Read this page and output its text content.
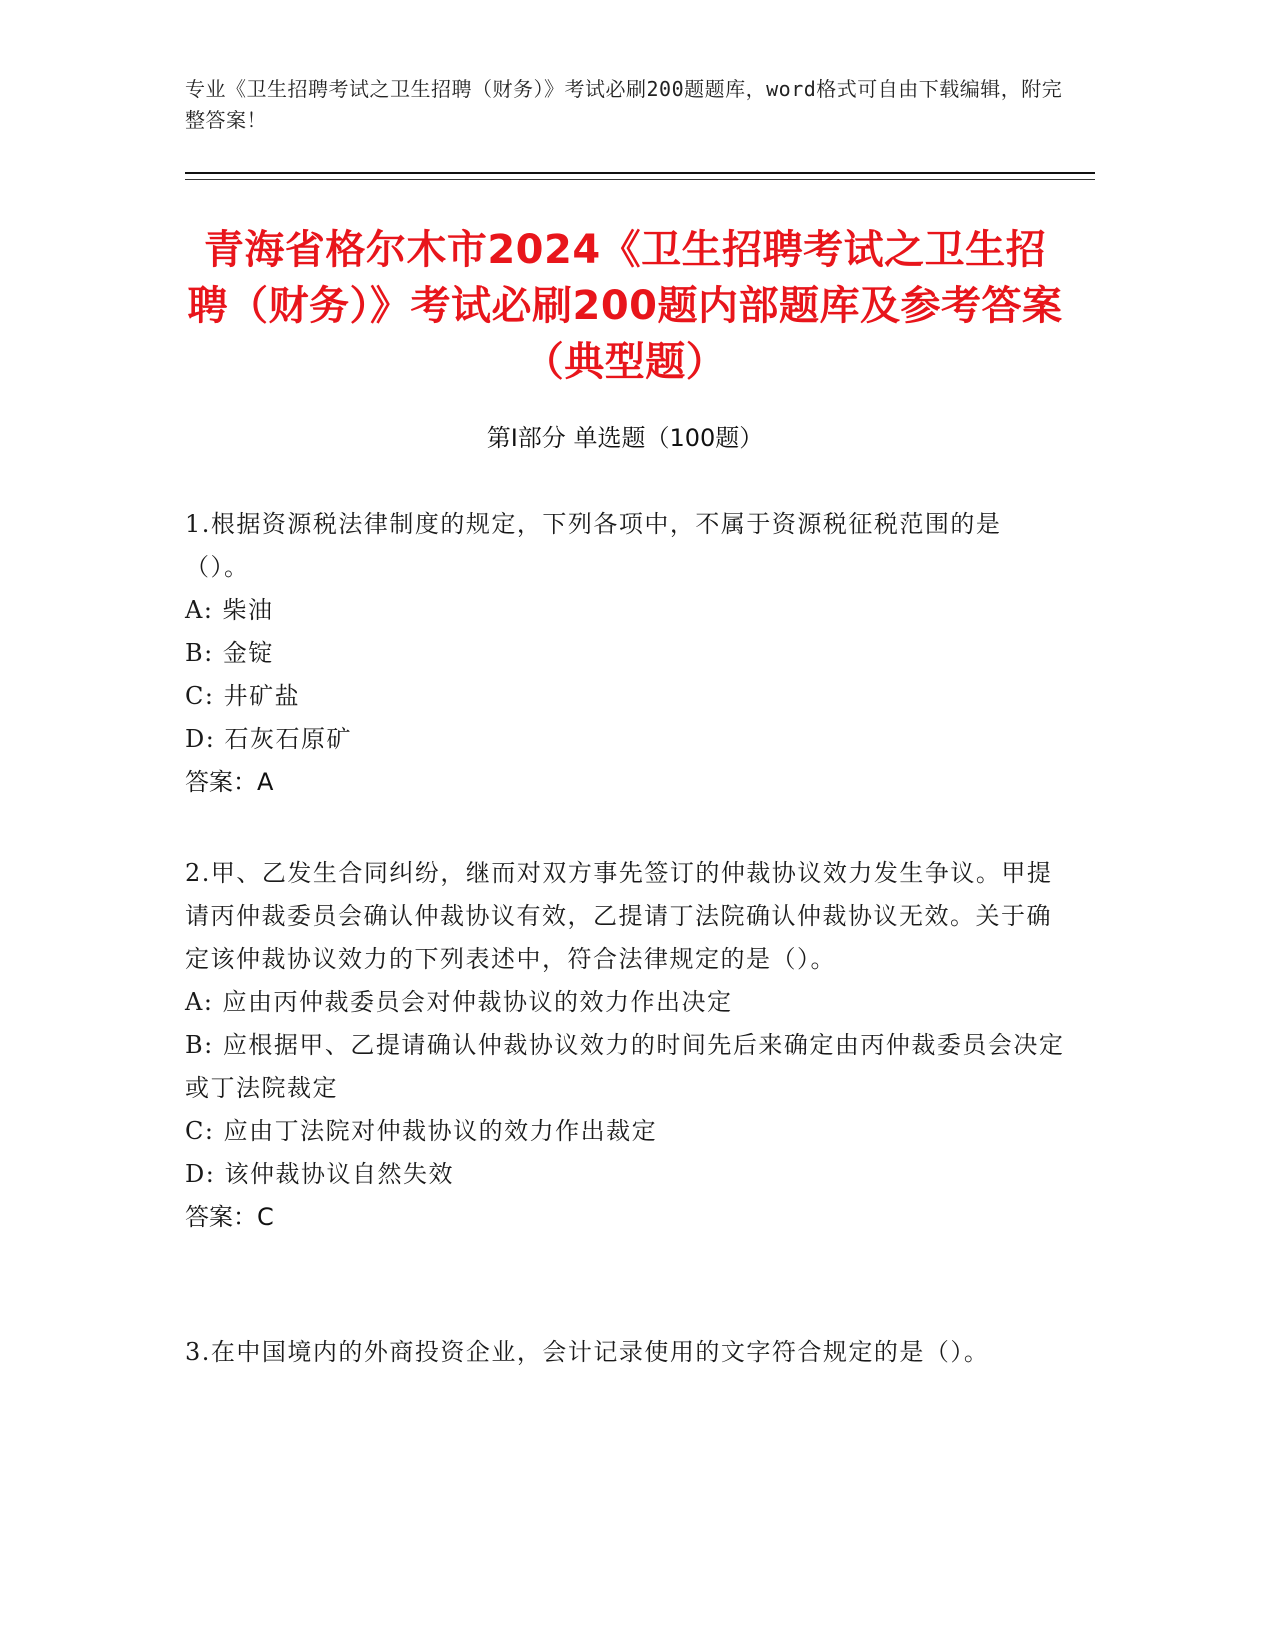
专业《卫生招聘考试之卫生招聘（财务）》考试必刷200题题库，word格式可自由下载编辑，附完整答案！
青海省格尔木市2024《卫生招聘考试之卫生招聘（财务）》考试必刷200题内部题库及参考答案（典型题）
第Ⅰ部分 单选题（100题）
1.根据资源税法律制度的规定，下列各项中，不属于资源税征税范围的是（）。
A: 柴油
B: 金锭
C: 井矿盐
D: 石灰石原矿
答案：A
2.甲、乙发生合同纠纷，继而对双方事先签订的仲裁协议效力发生争议。甲提请丙仲裁委员会确认仲裁协议有效，乙提请丁法院确认仲裁协议无效。关于确定该仲裁协议效力的下列表述中，符合法律规定的是（）。
A: 应由丙仲裁委员会对仲裁协议的效力作出决定
B: 应根据甲、乙提请确认仲裁协议效力的时间先后来确定由丙仲裁委员会决定或丁法院裁定
C: 应由丁法院对仲裁协议的效力作出裁定
D: 该仲裁协议自然失效
答案：C
3.在中国境内的外商投资企业，会计记录使用的文字符合规定的是（）。
